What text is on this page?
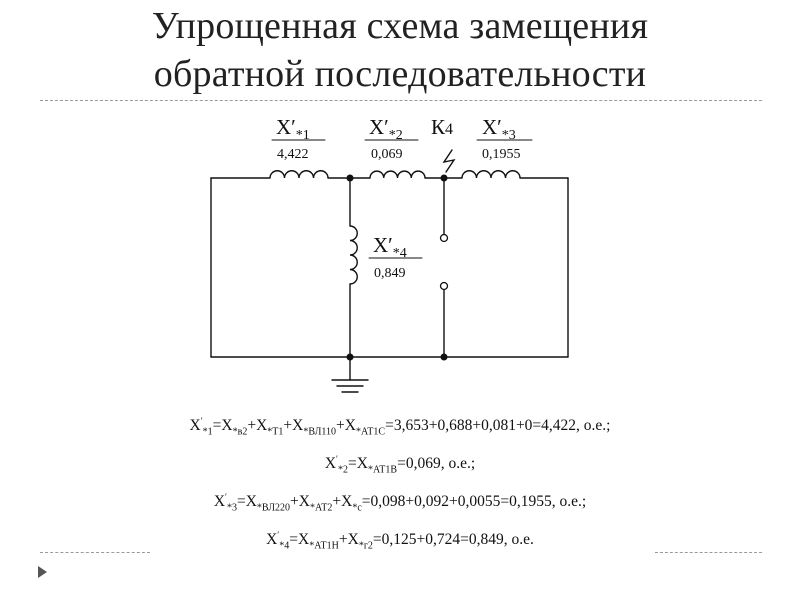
Упрощенная схема замещения
обратной последовательности
$X'_{*1}$
4,422
$X'_{*2}$
0,069
$X'_{*3}$
0,1955
$X'_{*4}$
0,849
К4
$X'_{*1}=X_{*в2}+X_{*Т1}+X_{*ВЛ110}+X_{*АТ1С}=3,653+0,688+0,081+0=4,422$, о.е.;
$X'_{*2}=X_{*АТ1В}=0,069$, о.е.;
$X'_{*3}=X_{*ВЛ220}+X_{*АТ2}+X_{*с}=0,098+0,092+0,0055=0,1955$, о.е.;
$X'_{*4}=X_{*АТ1Н}+X_{*г2}=0,125+0,724=0,849$, о.е.
